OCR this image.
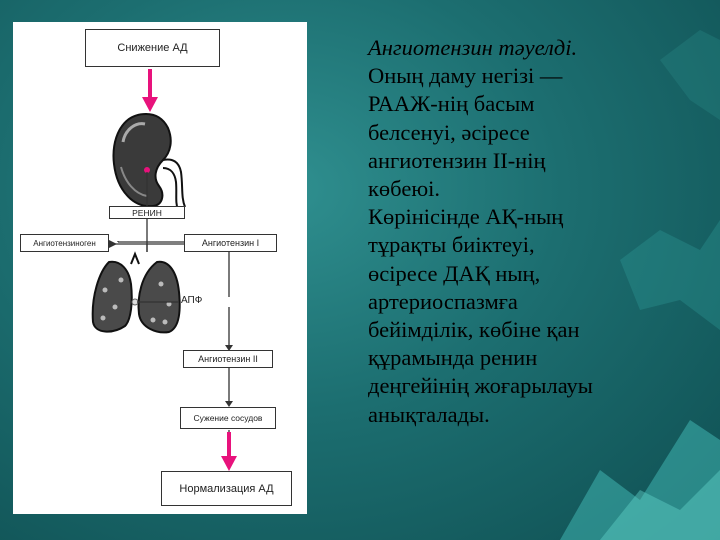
Снижение АД
РЕНИН
Ангиотензиноген	Ангиотензин I
АПФ
Ангиотензин II
Сужение сосудов
Нормализация АД
Ангиотензин тәуелді.
Оның даму негізі —
РААЖ-нің басым
белсенуі, әсіресе
ангиотензин ІІ-нің
көбеюі.
Көрінісінде АҚ-ның
тұрақты биіктеуі,
өсіресе ДАҚ ның,
артериоспазмға
бейімділік, көбіне қан
құрамында ренин
деңгейінің жоғарылауы
анықталады.
